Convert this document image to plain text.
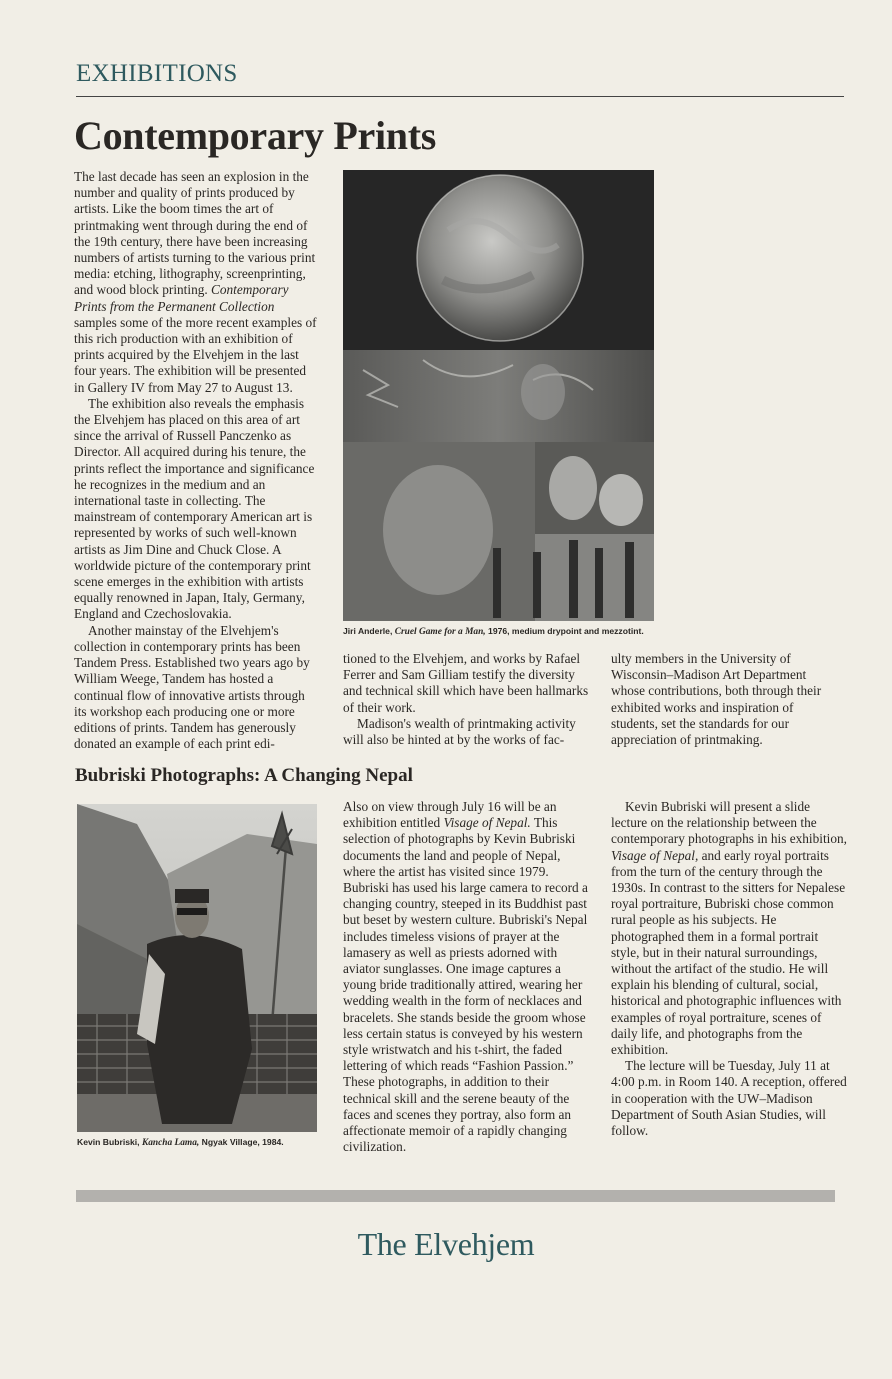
EXHIBITIONS
Contemporary Prints

The last decade has seen an explosion in the number and quality of prints produced by artists. Like the boom times the art of printmaking went through during the end of the 19th century, there have been increasing numbers of artists turning to the various print media: etching, lithography, screenprinting, and wood block printing. Contemporary Prints from the Permanent Collection samples some of the more recent examples of this rich production with an exhibition of prints acquired by the Elvehjem in the last four years. The exhibition will be presented in Gallery IV from May 27 to August 13.

The exhibition also reveals the emphasis the Elvehjem has placed on this area of art since the arrival of Russell Panczenko as Director. All acquired during his tenure, the prints reflect the importance and significance he recognizes in the medium and an international taste in collecting. The mainstream of contemporary American art is represented by works of such well-known artists as Jim Dine and Chuck Close. A worldwide picture of the contemporary print scene emerges in the exhibition with artists equally renowned in Japan, Italy, Germany, England and Czechoslovakia.

Another mainstay of the Elvehjem's collection in contemporary prints has been Tandem Press. Established two years ago by William Weege, Tandem has hosted a continual flow of innovative artists through its workshop each producing one or more editions of prints. Tandem has generously donated an example of each print edi-

Jiri Anderle, Cruel Game for a Man, 1976, medium drypoint and mezzotint.

tioned to the Elvehjem, and works by Rafael Ferrer and Sam Gilliam testify the diversity and technical skill which have been hallmarks of their work.

Madison's wealth of printmaking activity will also be hinted at by the works of fac-

ulty members in the University of Wisconsin–Madison Art Department whose contributions, both through their exhibited works and inspiration of students, set the standards for our appreciation of printmaking.

Bubriski Photographs: A Changing Nepal
Kevin Bubriski, Kancha Lama, Ngyak Village, 1984.

Also on view through July 16 will be an exhibition entitled Visage of Nepal. This selection of photographs by Kevin Bubriski documents the land and people of Nepal, where the artist has visited since 1979. Bubriski has used his large camera to record a changing country, steeped in its Buddhist past but beset by western culture. Bubriski's Nepal includes timeless visions of prayer at the lamasery as well as priests adorned with aviator sunglasses. One image captures a young bride traditionally attired, wearing her wedding wealth in the form of necklaces and bracelets. She stands beside the groom whose less certain status is conveyed by his western style wristwatch and his t-shirt, the faded lettering of which reads “Fashion Passion.” These photographs, in addition to their technical skill and the serene beauty of the faces and scenes they portray, also form an affectionate memoir of a rapidly changing civilization.

Kevin Bubriski will present a slide lecture on the relationship between the contemporary photographs in his exhibition, Visage of Nepal, and early royal portraits from the turn of the century through the 1930s. In contrast to the sitters for Nepalese royal portraiture, Bubriski chose common rural people as his subjects. He photographed them in a formal portrait style, but in their natural surroundings, without the artifact of the studio. He will explain his blending of cultural, social, historical and photographic influences with examples of royal portraiture, scenes of daily life, and photographs from the exhibition.

The lecture will be Tuesday, July 11 at 4:00 p.m. in Room 140. A reception, offered in cooperation with the UW–Madison Department of South Asian Studies, will follow.

The Elvehjem
